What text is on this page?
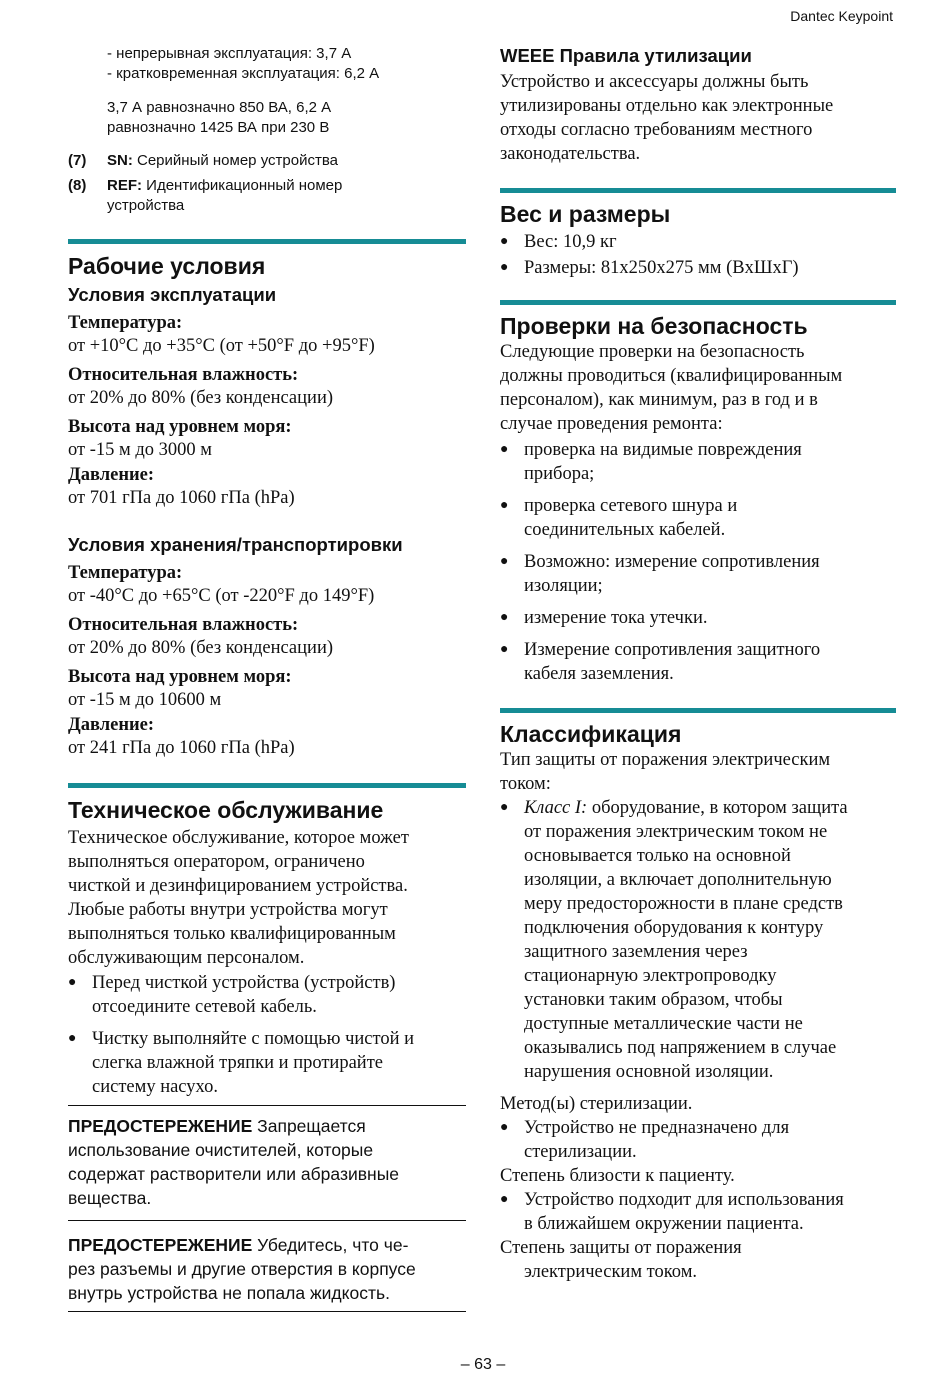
Dantec Keypoint
- непрерывная эксплуатация: 3,7 А
- кратковременная эксплуатация: 6,2 А
3,7 А равнозначно 850 ВА, 6,2 А
равнозначно 1425 ВА при 230 В
(7)	SN: Серийный номер устройства
(8)	REF: Идентификационный номер
устройства
Рабочие условия
Условия эксплуатации
Температура:
от +10°C до +35°C (от +50°F до +95°F)
Относительная влажность:
от 20% до 80% (без конденсации)
Высота над уровнем моря:
от -15 м до 3000 м
Давление:
от 701 гПа до 1060 гПа (hPa)
Условия хранения/транспортировки
Температура:
от -40°C до +65°C (от -220°F до 149°F)
Относительная влажность:
от 20% до 80% (без конденсации)
Высота над уровнем моря:
от -15 м до 10600 м
Давление:
от 241 гПа до 1060 гПа (hPa)
Техническое обслуживание
Техническое обслуживание, которое может
выполняться оператором, ограничено
чисткой и дезинфицированием устройства.
Любые работы внутри устройства могут
выполняться только квалифицированным
обслуживающим персоналом.
● Перед чисткой устройства (устройств)
отсоедините сетевой кабель.
● Чистку выполняйте с помощью чистой и
слегка влажной тряпки и протирайте
систему насухо.
ПРЕДОСТЕРЕЖЕНИЕ Запрещается
использование очистителей, которые
содержат растворители или абразивные
вещества.
ПРЕДОСТЕРЕЖЕНИЕ Убедитесь, что че-
рез разъемы и другие отверстия в корпусе
внутрь устройства не попала жидкость.
WEEE Правила утилизации
Устройство и аксессуары должны быть
утилизированы отдельно как электронные
отходы согласно требованиям местного
законодательства.
Вес и размеры
● Вес: 10,9 кг
● Размеры: 81x250x275 мм (ВxШxГ)
Проверки на безопасность
Следующие проверки на безопасность
должны проводиться (квалифицированным
персоналом), как минимум, раз в год и в
случае проведения ремонта:
● проверка на видимые повреждения
прибора;
● проверка сетевого шнура и
соединительных кабелей.
● Возможно: измерение сопротивления
изоляции;
● измерение тока утечки.
● Измерение сопротивления защитного
кабеля заземления.
Классификация
Тип защиты от поражения электрическим
током:
● Класс I: оборудование, в котором защита
от поражения электрическим током не
основывается только на основной
изоляции, а включает дополнительную
меру предосторожности в плане средств
подключения оборудования к контуру
защитного заземления через
стационарную электропроводку
установки таким образом, чтобы
доступные металлические части не
оказывались под напряжением в случае
нарушения основной изоляции.
Метод(ы) стерилизации.
● Устройство не предназначено для
стерилизации.
Степень близости к пациенту.
● Устройство подходит для использования
в ближайшем окружении пациента.
Степень защиты от поражения
электрическим током.
– 63 –
